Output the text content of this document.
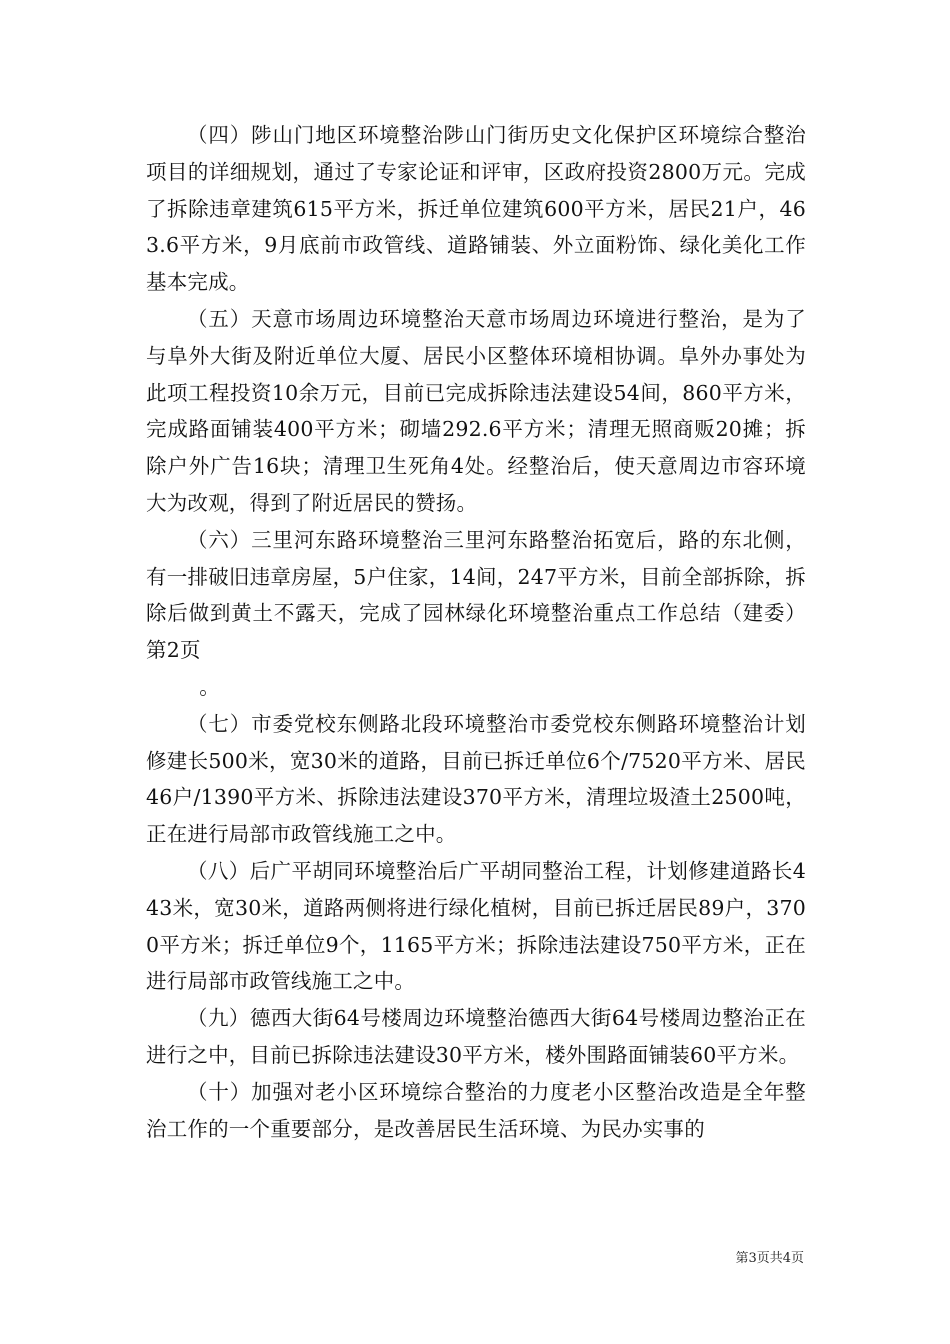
（四）陟山门地区环境整治陟山门街历史文化保护区环境综合整治项目的详细规划，通过了专家论证和评审，区政府投资2800万元。完成了拆除违章建筑615平方米，拆迁单位建筑600平方米，居民21户，463.6平方米，9月底前市政管线、道路铺装、外立面粉饰、绿化美化工作基本完成。

（五）天意市场周边环境整治天意市场周边环境进行整治，是为了与阜外大街及附近单位大厦、居民小区整体环境相协调。阜外办事处为此项工程投资10余万元，目前已完成拆除违法建设54间，860平方米，完成路面铺装400平方米；砌墙292.6平方米；清理无照商贩20摊；拆除户外广告16块；清理卫生死角4处。经整治后，使天意周边市容环境大为改观，得到了附近居民的赞扬。

（六）三里河东路环境整治三里河东路整治拓宽后，路的东北侧，有一排破旧违章房屋，5户住家，14间，247平方米，目前全部拆除，拆除后做到黄土不露天，完成了园林绿化环境整治重点工作总结（建委）第2页

。

（七）市委党校东侧路北段环境整治市委党校东侧路环境整治计划修建长500米，宽30米的道路，目前已拆迁单位6个/7520平方米、居民46户/1390平方米、拆除违法建设370平方米，清理垃圾渣土2500吨，正在进行局部市政管线施工之中。

（八）后广平胡同环境整治后广平胡同整治工程，计划修建道路长443米，宽30米，道路两侧将进行绿化植树，目前已拆迁居民89户，3700平方米；拆迁单位9个，1165平方米；拆除违法建设750平方米，正在进行局部市政管线施工之中。

（九）德西大街64号楼周边环境整治德西大街64号楼周边整治正在进行之中，目前已拆除违法建设30平方米，楼外围路面铺装60平方米。

（十）加强对老小区环境综合整治的力度老小区整治改造是全年整治工作的一个重要部分，是改善居民生活环境、为民办实事的

第3页共4页
